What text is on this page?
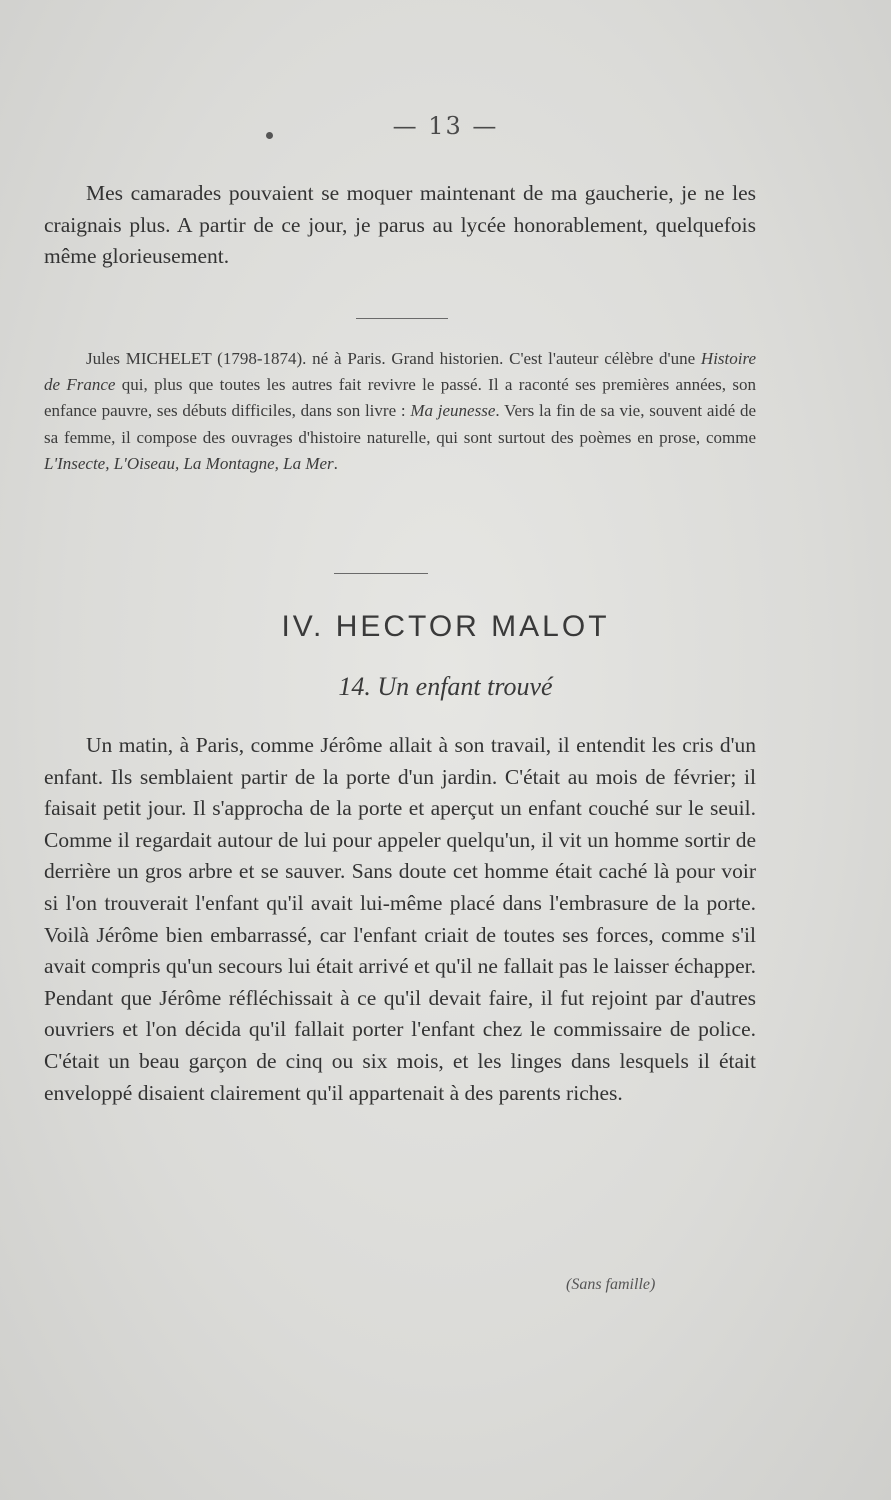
— 13 —

Mes camarades pouvaient se moquer maintenant de ma gaucherie, je ne les craignais plus. A partir de ce jour, je parus au lycée honorablement, quelquefois même glorieusement.

Jules MICHELET (1798-1874). né à Paris. Grand historien. C'est l'auteur célèbre d'une Histoire de France qui, plus que toutes les autres fait revivre le passé. Il a raconté ses premières années, son enfance pauvre, ses débuts difficiles, dans son livre : Ma jeunesse. Vers la fin de sa vie, souvent aidé de sa femme, il compose des ouvrages d'histoire naturelle, qui sont surtout des poèmes en prose, comme L'Insecte, L'Oiseau, La Montagne, La Mer.

IV. HECTOR MALOT
14. Un enfant trouvé

Un matin, à Paris, comme Jérôme allait à son travail, il entendit les cris d'un enfant. Ils semblaient partir de la porte d'un jardin. C'était au mois de février; il faisait petit jour. Il s'approcha de la porte et aperçut un enfant couché sur le seuil. Comme il regardait autour de lui pour appeler quelqu'un, il vit un homme sortir de derrière un gros arbre et se sauver. Sans doute cet homme était caché là pour voir si l'on trouverait l'enfant qu'il avait lui-même placé dans l'embrasure de la porte. Voilà Jérôme bien embarrassé, car l'enfant criait de toutes ses forces, comme s'il avait compris qu'un secours lui était arrivé et qu'il ne fallait pas le laisser échapper. Pendant que Jérôme réfléchissait à ce qu'il devait faire, il fut rejoint par d'autres ouvriers et l'on décida qu'il fallait porter l'enfant chez le commissaire de police. C'était un beau garçon de cinq ou six mois, et les linges dans lesquels il était enveloppé disaient clairement qu'il appartenait à des parents riches.

(Sans famille)
